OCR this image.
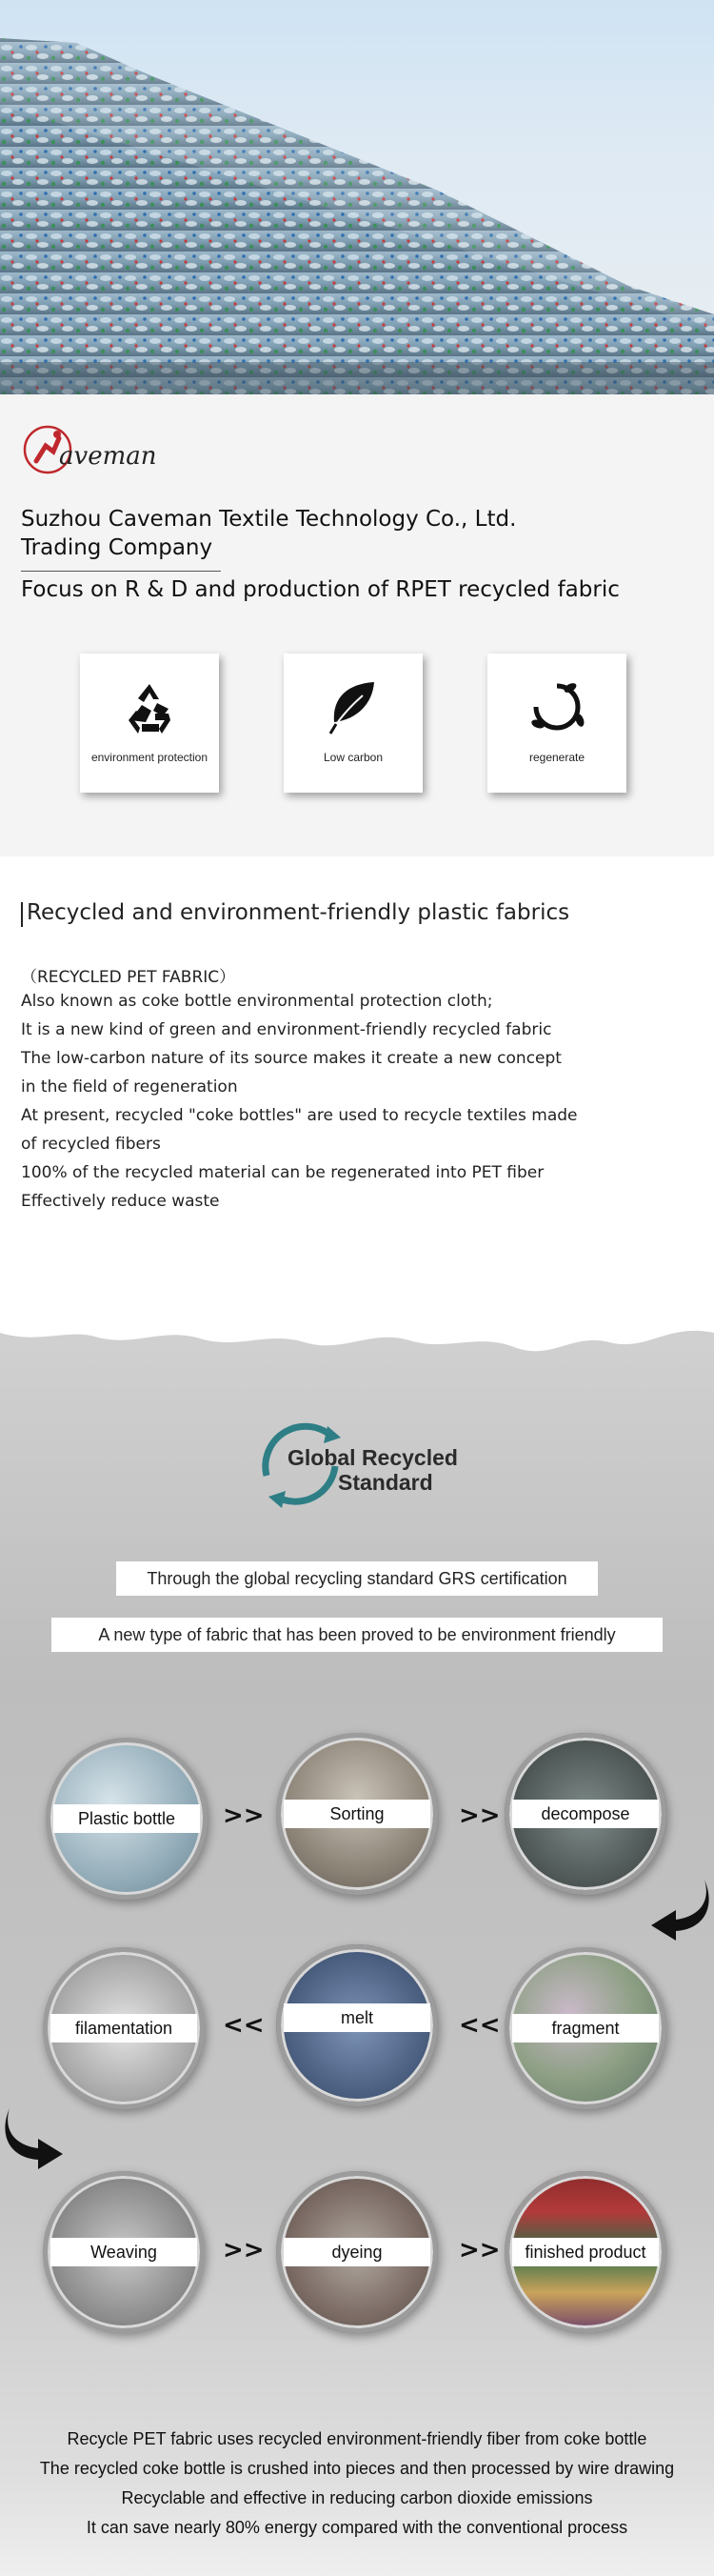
aveman
Suzhou Caveman Textile Technology Co., Ltd.
Trading Company
Focus on R & D and production of RPET recycled fabric
environment protection	Low carbon	regenerate
Recycled and environment-friendly plastic fabrics
（RECYCLED PET FABRIC）
Also known as coke bottle environmental protection cloth;
It is a new kind of green and environment-friendly recycled fabric
The low-carbon nature of its source makes it create a new concept
in the field of regeneration
At present, recycled "coke bottles" are used to recycle textiles made
of recycled fibers
100% of the recycled material can be regenerated into PET fiber
Effectively reduce waste
Global Recycled
Standard
Through the global recycling standard GRS certification
A new type of fabric that has been proved to be environment friendly
Plastic bottle	>>	Sorting	>>	decompose
filamentation	<<	melt	<<	fragment
Weaving	>>	dyeing	>>	finished product
Recycle PET fabric uses recycled environment-friendly fiber from coke bottle
The recycled coke bottle is crushed into pieces and then processed by wire drawing
Recyclable and effective in reducing carbon dioxide emissions
It can save nearly 80% energy compared with the conventional process
